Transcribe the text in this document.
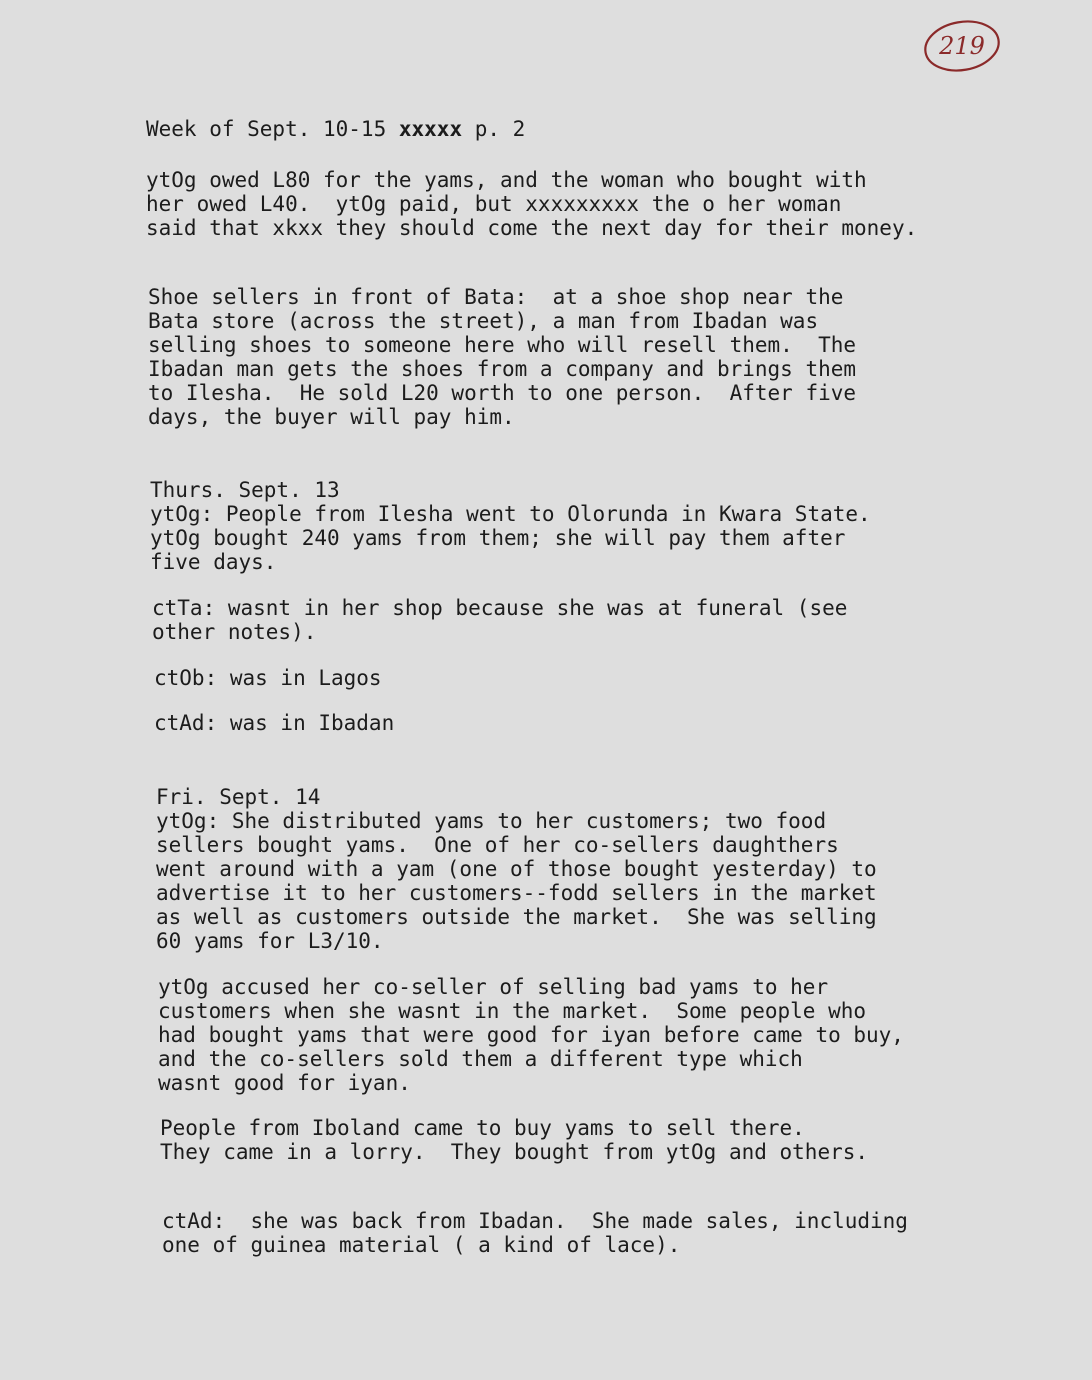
219
Week of Sept. 10-15 xxxxx p. 2
ytOg owed L80 for the yams, and the woman who bought with
her owed L40.  ytOg paid, but xxxxxxxxx the o her woman
said that xkxx they should come the next day for their money.
Shoe sellers in front of Bata:  at a shoe shop near the
Bata store (across the street), a man from Ibadan was
selling shoes to someone here who will resell them.  The
Ibadan man gets the shoes from a company and brings them
to Ilesha.  He sold L20 worth to one person.  After five
days, the buyer will pay him.
Thurs. Sept. 13
ytOg: People from Ilesha went to Olorunda in Kwara State.
ytOg bought 240 yams from them; she will pay them after
five days.
ctTa: wasnt in her shop because she was at funeral (see
other notes).
ctOb: was in Lagos
ctAd: was in Ibadan
Fri. Sept. 14
ytOg: She distributed yams to her customers; two food
sellers bought yams.  One of her co-sellers daughthers
went around with a yam (one of those bought yesterday) to
advertise it to her customers--fodd sellers in the market
as well as customers outside the market.  She was selling
60 yams for L3/10.
ytOg accused her co-seller of selling bad yams to her
customers when she wasnt in the market.  Some people who
had bought yams that were good for iyan before came to buy,
and the co-sellers sold them a different type which
wasnt good for iyan.
People from Iboland came to buy yams to sell there.
They came in a lorry.  They bought from ytOg and others.
ctAd:  she was back from Ibadan.  She made sales, including
one of guinea material ( a kind of lace).
